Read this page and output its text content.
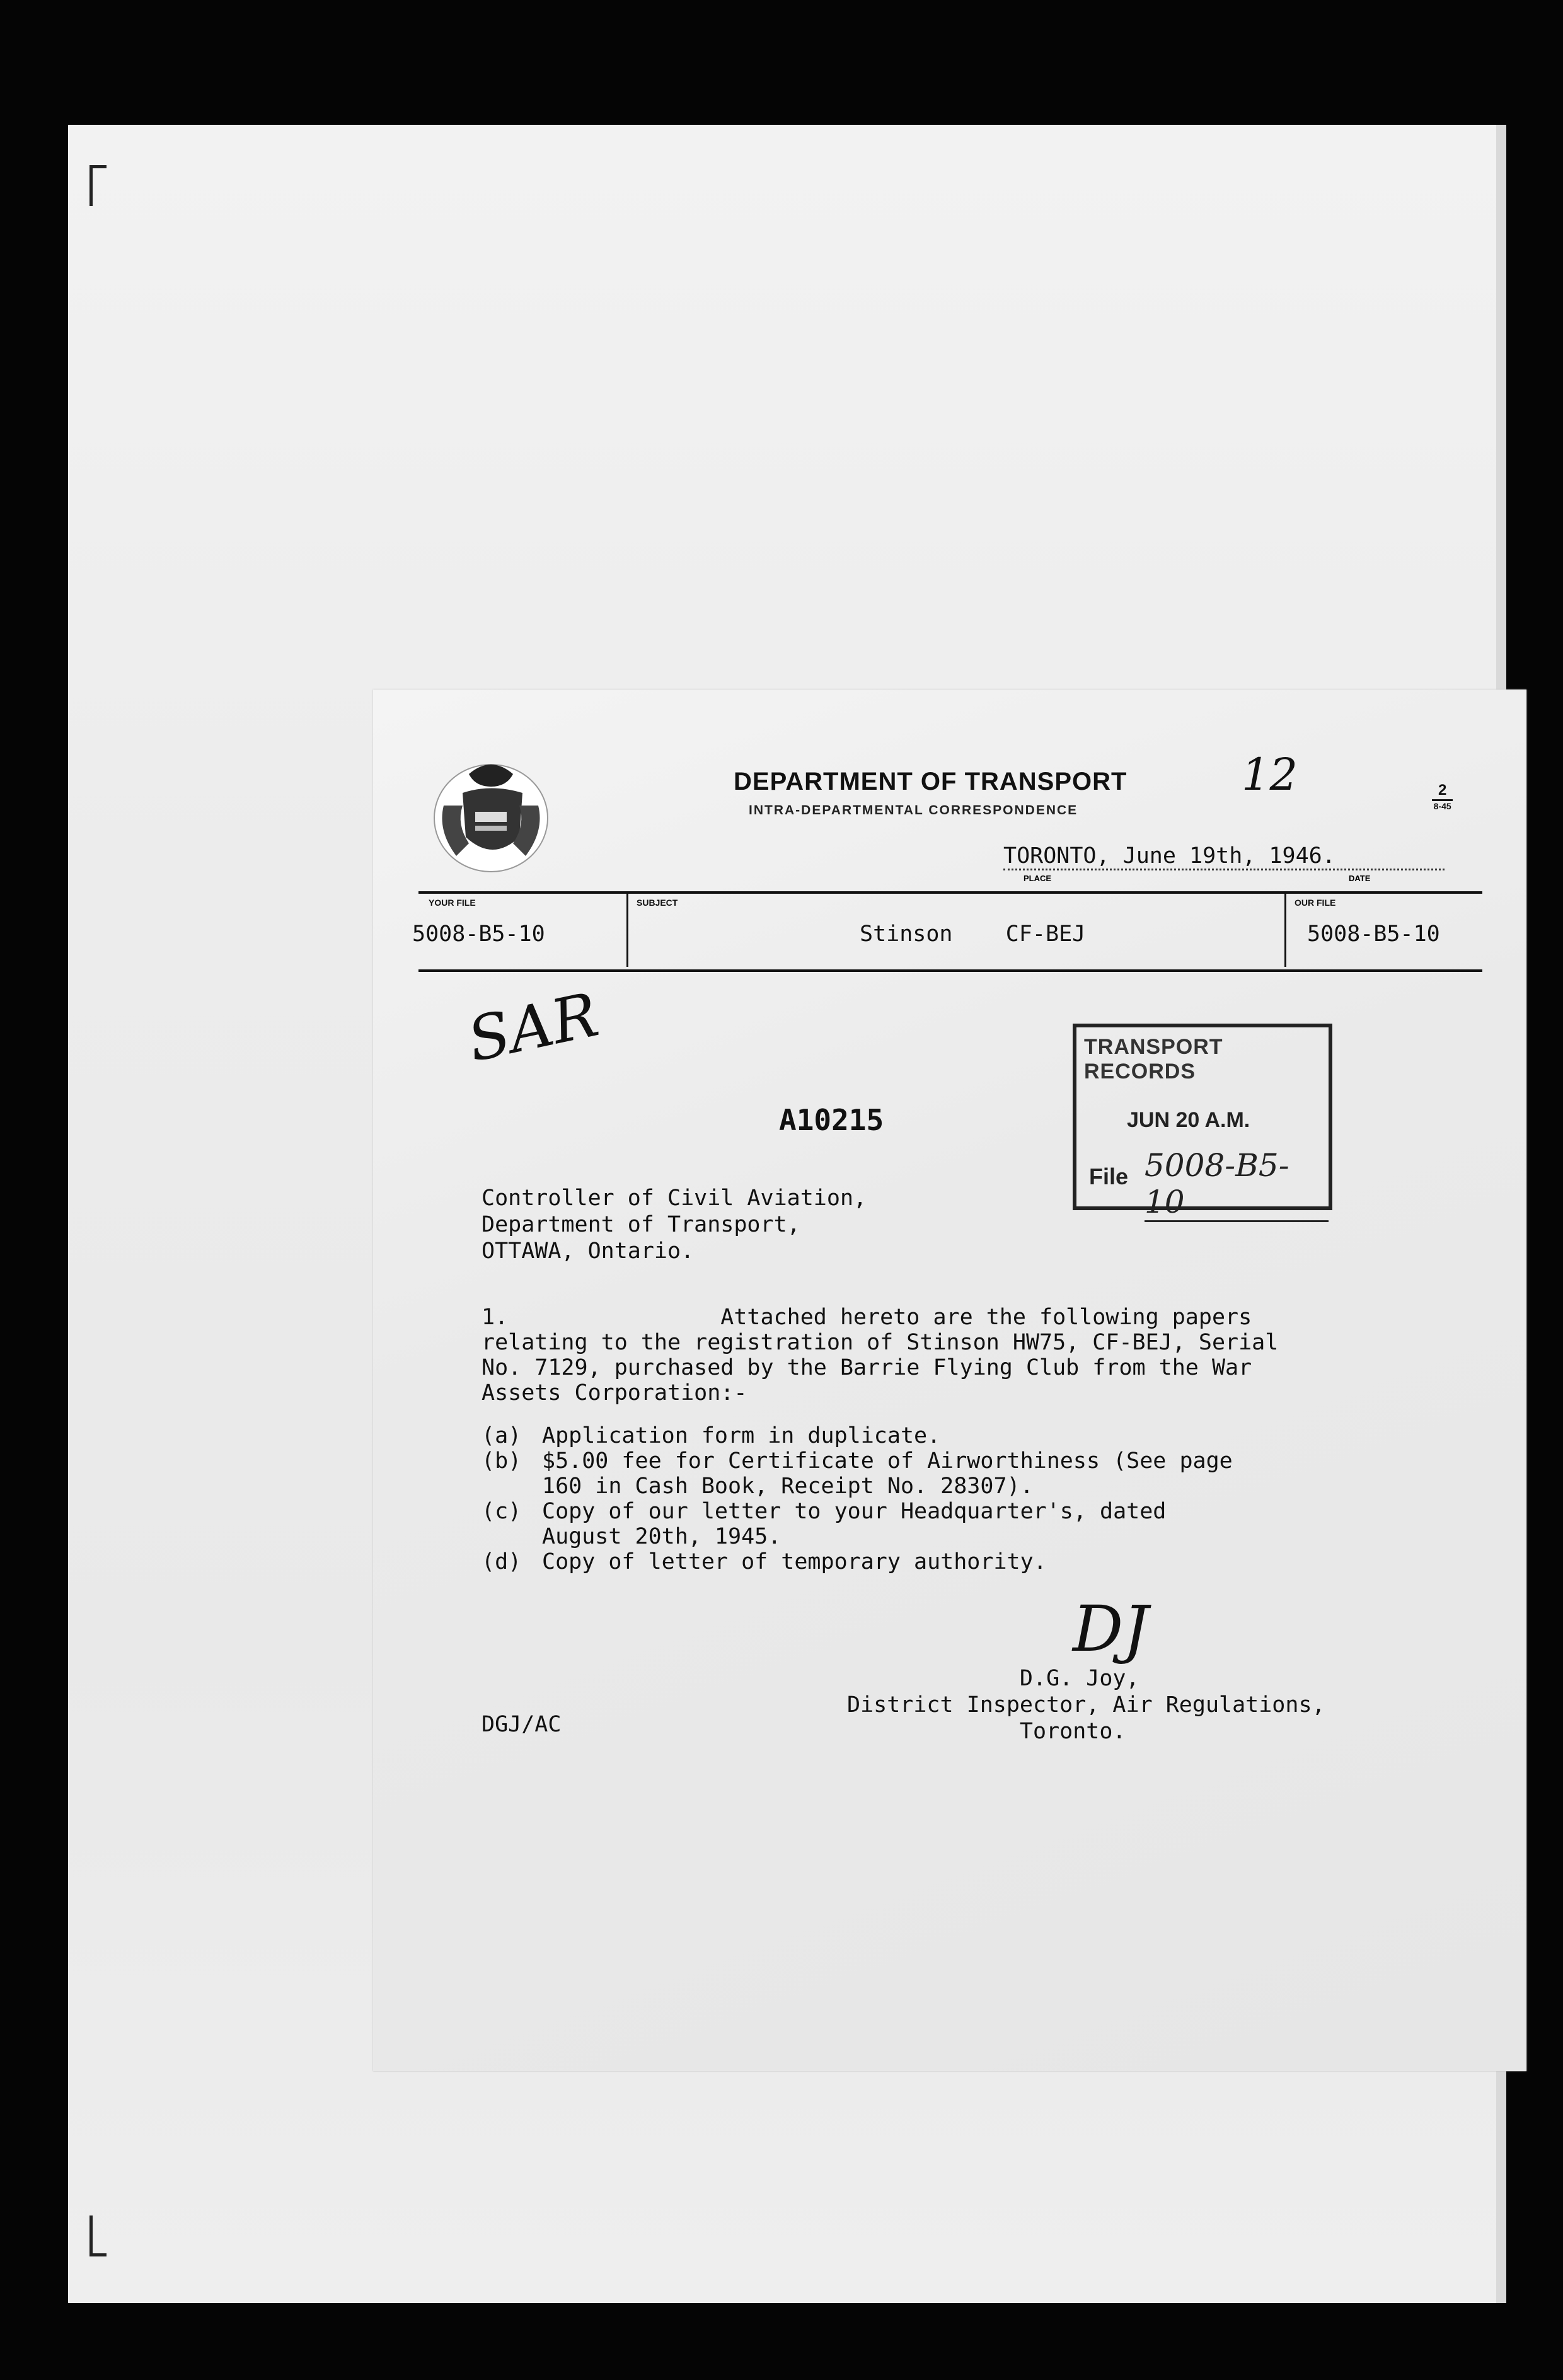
DEPARTMENT OF TRANSPORT
INTRA-DEPARTMENTAL CORRESPONDENCE
12	2
8-45
TORONTO, June 19th, 1946.
PLACE	DATE
YOUR FILE
5008-B5-10
SUBJECT
Stinson    CF-BEJ
OUR FILE
5008-B5-10
SAR
A10215
TRANSPORT RECORDS
JUN 20 A.M.
File 5008-B5-10
Controller of Civil Aviation,
Department of Transport,
OTTAWA, Ontario.
1.                Attached hereto are the following papers
relating to the registration of Stinson HW75, CF-BEJ, Serial
No. 7129, purchased by the Barrie Flying Club from the War
Assets Corporation:-
(a) Application form in duplicate.
(b) $5.00 fee for Certificate of Airworthiness (See page
160 in Cash Book, Receipt No. 28307).
(c) Copy of our letter to your Headquarter's, dated
August 20th, 1945.
(d) Copy of letter of temporary authority.
DJ
D.G. Joy,
District Inspector, Air Regulations,
Toronto.
DGJ/AC
